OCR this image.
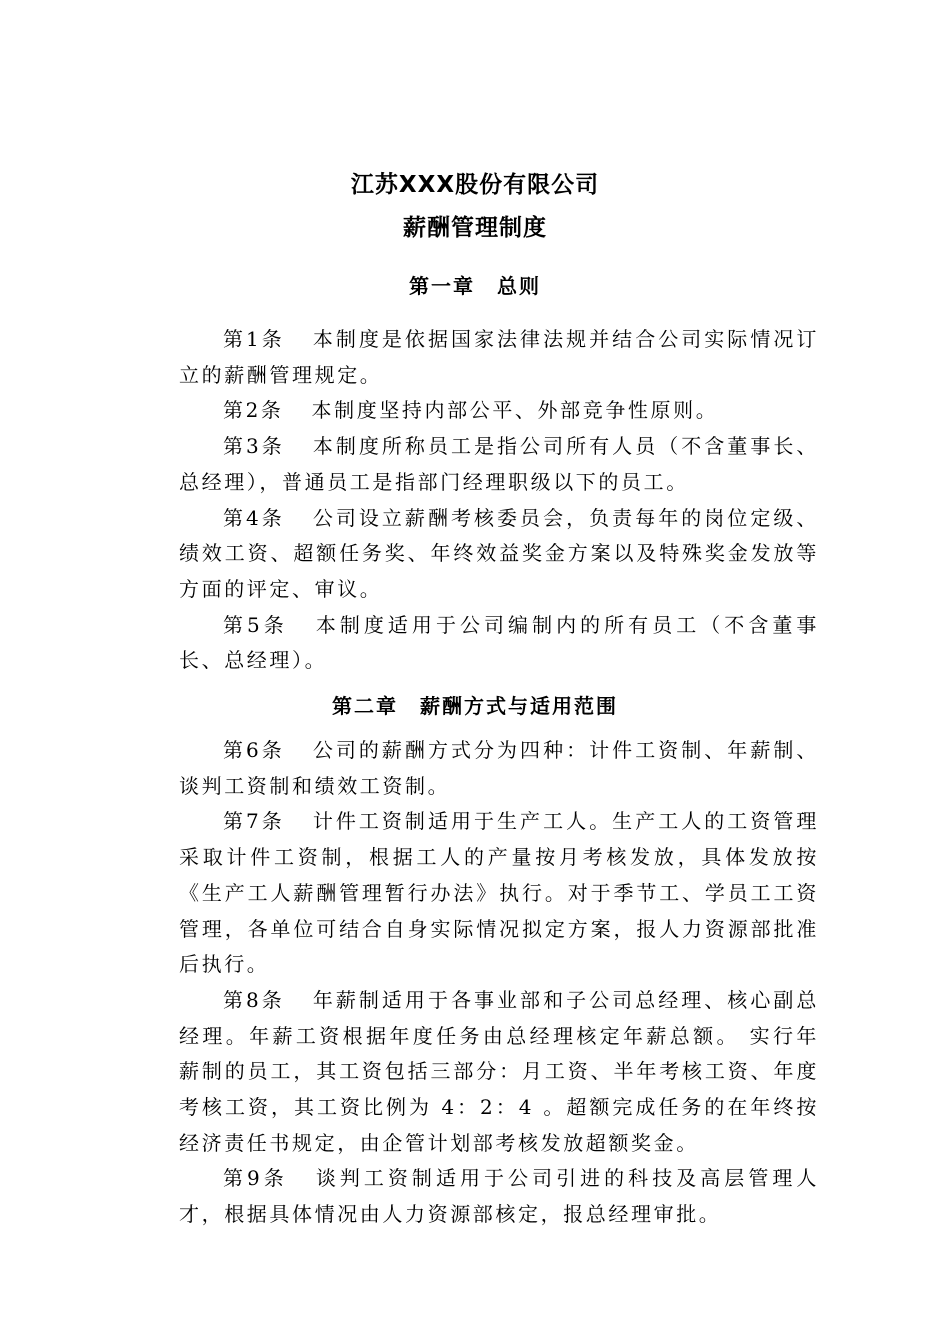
江苏XXX股份有限公司
薪酬管理制度
第一章　总则

第1条 本制度是依据国家法律法规并结合公司实际情况订立的薪酬管理规定。

第2条 本制度坚持内部公平、外部竞争性原则。

第3条 本制度所称员工是指公司所有人员（不含董事长、总经理），普通员工是指部门经理职级以下的员工。

第4条 公司设立薪酬考核委员会，负责每年的岗位定级、绩效工资、超额任务奖、年终效益奖金方案以及特殊奖金发放等方面的评定、审议。

第5条 本制度适用于公司编制内的所有员工（不含董事长、总经理）。

第二章　薪酬方式与适用范围

第6条 公司的薪酬方式分为四种：计件工资制、年薪制、谈判工资制和绩效工资制。

第7条 计件工资制适用于生产工人。生产工人的工资管理采取计件工资制，根据工人的产量按月考核发放，具体发放按《生产工人薪酬管理暂行办法》执行。对于季节工、学员工工资管理，各单位可结合自身实际情况拟定方案，报人力资源部批准后执行。

第8条 年薪制适用于各事业部和子公司总经理、核心副总经理。年薪工资根据年度任务由总经理核定年薪总额。 实行年薪制的员工，其工资包括三部分：月工资、半年考核工资、年度考核工资，其工资比例为 4：2：4 。超额完成任务的在年终按经济责任书规定，由企管计划部考核发放超额奖金。

第9条 谈判工资制适用于公司引进的科技及高层管理人才，根据具体情况由人力资源部核定，报总经理审批。
